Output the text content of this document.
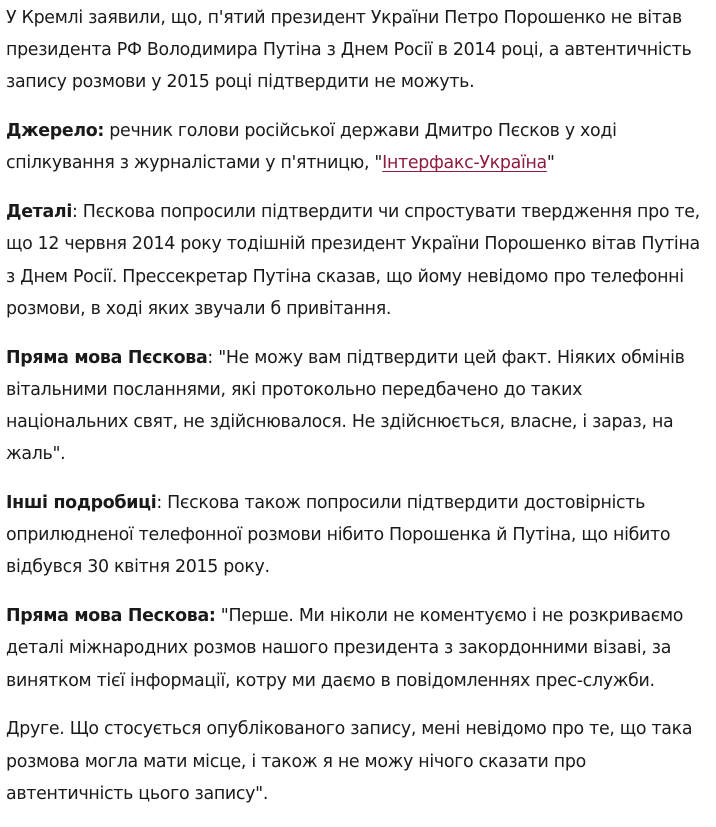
У Кремлі заявили, що, п'ятий президент України Петро Порошенко не вітав президента РФ Володимира Путіна з Днем Росії в 2014 році, а автентичність запису розмови у 2015 році підтвердити не можуть.

Джерело: речник голови російської держави Дмитро Пєсков у ході спілкування з журналістами у п'ятницю, "Інтерфакс-Україна"

Деталі: Пєскова попросили підтвердити чи спростувати твердження про те, що 12 червня 2014 року тодішній президент України Порошенко вітав Путіна з Днем Росії. Прессекретар Путіна сказав, що йому невідомо про телефонні розмови, в ході яких звучали б привітання.

Пряма мова Пєскова: "Не можу вам підтвердити цей факт. Ніяких обмінів вітальними посланнями, які протокольно передбачено до таких національних свят, не здійснювалося. Не здійснюється, власне, і зараз, на жаль".

Інші подробиці: Пєскова також попросили підтвердити достовірність оприлюдненої телефонної розмови нібито Порошенка й Путіна, що нібито відбувся 30 квітня 2015 року.

Пряма мова Пескова: "Перше. Ми ніколи не коментуємо і не розкриваємо деталі міжнародних розмов нашого президента з закордонними візаві, за винятком тієї інформації, котру ми даємо в повідомленнях прес-служби.

Друге. Що стосується опублікованого запису, мені невідомо про те, що така розмова могла мати місце, і також я не можу нічого сказати про автентичність цього запису".
